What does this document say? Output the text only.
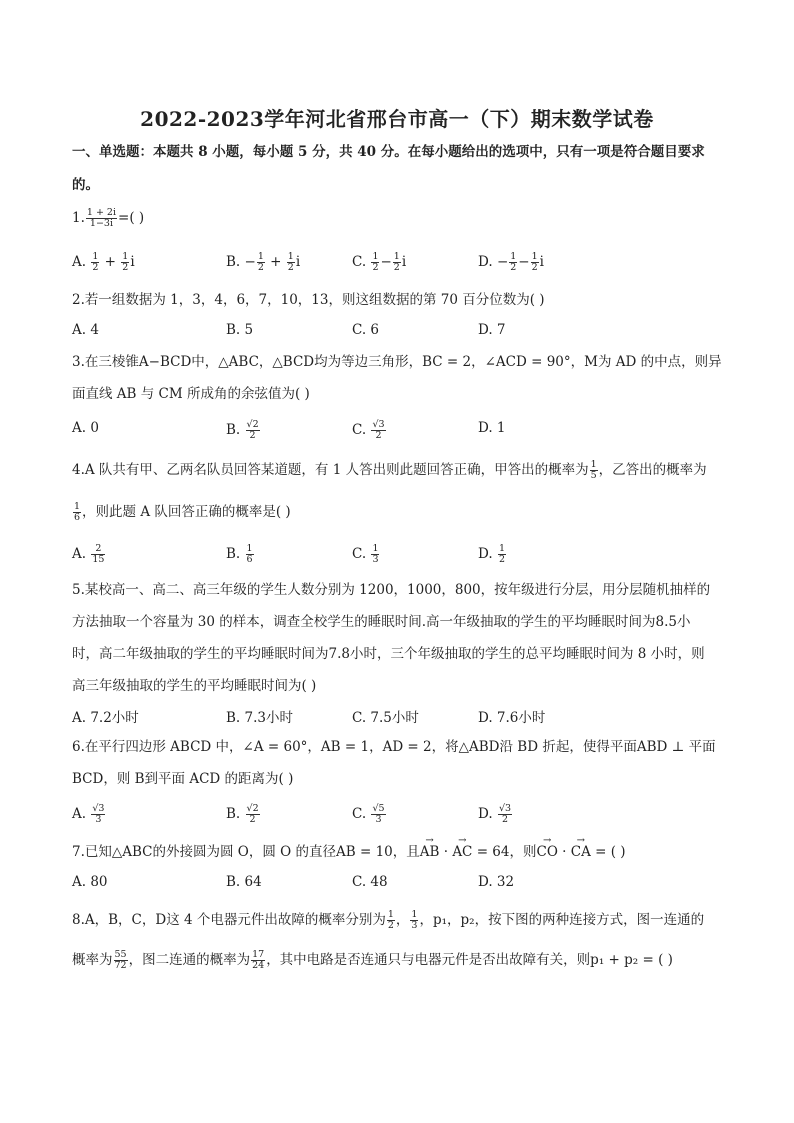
2022-2023学年河北省邢台市高一（下）期末数学试卷
一、单选题：本题共 8 小题，每小题 5 分，共 40 分。在每小题给出的选项中，只有一项是符合题目要求
的。
1. $\frac{1 + 2i}{1-3i}$ =( )
A. $\frac{1}{2} + \frac{1}{2}$ i	B. − $\frac{1}{2} + \frac{1}{2}$ i	C. $\frac{1}{2} - \frac{1}{2}$ i	D. − $\frac{1}{2} - \frac{1}{2}$ i
2.若一组数据为 1，3，4，6，7，10，13，则这组数据的第 70 百分位数为( )
A. 4	B. 5	C. 6	D. 7
3.在三棱锥A−BCD中，△ABC，△BCD均为等边三角形，BC = 2，∠ACD = 90°，M为 AD 的中点，则异
面直线 AB 与 CM 所成角的余弦值为( )
A. 0	B. $\frac{√2}{2}$	C. $\frac{√3}{2}$	D. 1
4.A 队共有甲、乙两名队员回答某道题，有 1 人答出则此题回答正确，甲答出的概率为 $\frac{1}{5}$ ，乙答出的概率为
$\frac{1}{6}$ ，则此题 A 队回答正确的概率是( )
A. $\frac{2}{15}$	B. $\frac{1}{6}$	C. $\frac{1}{3}$	D. $\frac{1}{2}$
5.某校高一、高二、高三年级的学生人数分别为 1200，1000，800，按年级进行分层，用分层随机抽样的
方法抽取一个容量为 30 的样本，调查全校学生的睡眠时间.高一年级抽取的学生的平均睡眠时间为8.5小
时，高二年级抽取的学生的平均睡眠时间为7.8小时，三个年级抽取的学生的总平均睡眠时间为 8 小时，则
高三年级抽取的学生的平均睡眠时间为( )
A. 7.2小时	B. 7.3小时	C. 7.5小时	D. 7.6小时
6.在平行四边形 ABCD 中，∠A = 60°，AB = 1，AD = 2，将△ABD沿 BD 折起，使得平面ABD ⊥ 平面
BCD，则 B到平面 ACD 的距离为( )
A. $\frac{√3}{3}$	B. $\frac{√2}{2}$	C. $\frac{√5}{3}$	D. $\frac{√3}{2}$
7.已知△ABC的外接圆为圆 O，圆 O 的直径AB = 10，且→ AB · → AC = 64，则→ CO · → CA = ( )
A. 80	B. 64	C. 48	D. 32
8.A，B，C，D这 4 个电器元件出故障的概率分别为 $\frac{1}{2}$ ， $\frac{1}{3}$ ，p₁，p₂，按下图的两种连接方式，图一连通的
概率为 $\frac{55}{72}$ ，图二连通的概率为 $\frac{17}{24}$ ，其中电路是否连通只与电器元件是否出故障有关，则p₁ + p₂ = ( )
